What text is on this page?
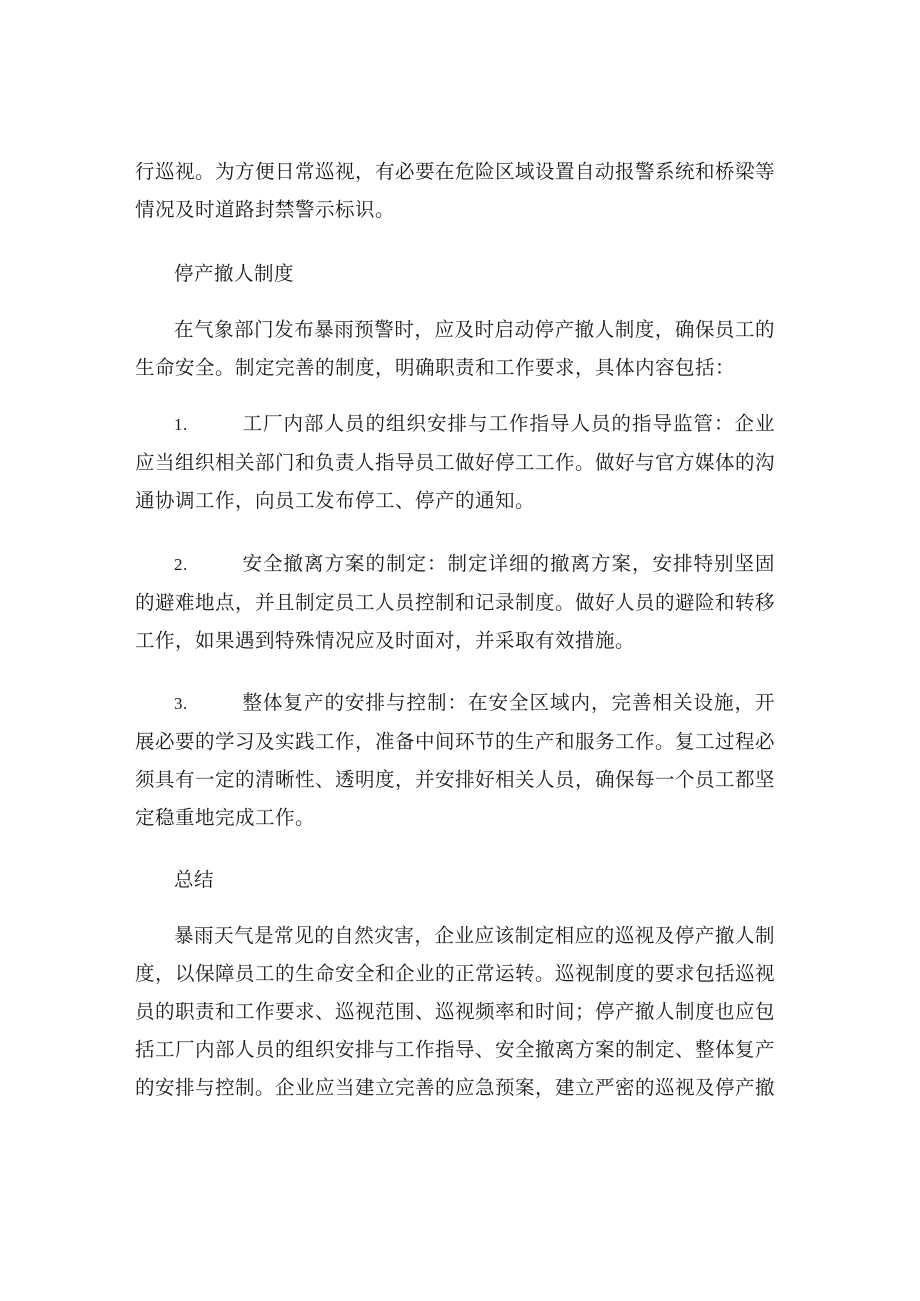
行巡视。为方便日常巡视，有必要在危险区域设置自动报警系统和桥梁等情况及时道路封禁警示标识。

停产撤人制度

在气象部门发布暴雨预警时，应及时启动停产撤人制度，确保员工的生命安全。制定完善的制度，明确职责和工作要求，具体内容包括：

1.	工厂内部人员的组织安排与工作指导人员的指导监管：企业应当组织相关部门和负责人指导员工做好停工工作。做好与官方媒体的沟通协调工作，向员工发布停工、停产的通知。

2.	安全撤离方案的制定：制定详细的撤离方案，安排特别坚固的避难地点，并且制定员工人员控制和记录制度。做好人员的避险和转移工作，如果遇到特殊情况应及时面对，并采取有效措施。

3.	整体复产的安排与控制：在安全区域内，完善相关设施，开展必要的学习及实践工作，准备中间环节的生产和服务工作。复工过程必须具有一定的清晰性、透明度，并安排好相关人员，确保每一个员工都坚定稳重地完成工作。

总结

暴雨天气是常见的自然灾害，企业应该制定相应的巡视及停产撤人制度，以保障员工的生命安全和企业的正常运转。巡视制度的要求包括巡视员的职责和工作要求、巡视范围、巡视频率和时间；停产撤人制度也应包括工厂内部人员的组织安排与工作指导、安全撤离方案的制定、整体复产的安排与控制。企业应当建立完善的应急预案，建立严密的巡视及停产撤
